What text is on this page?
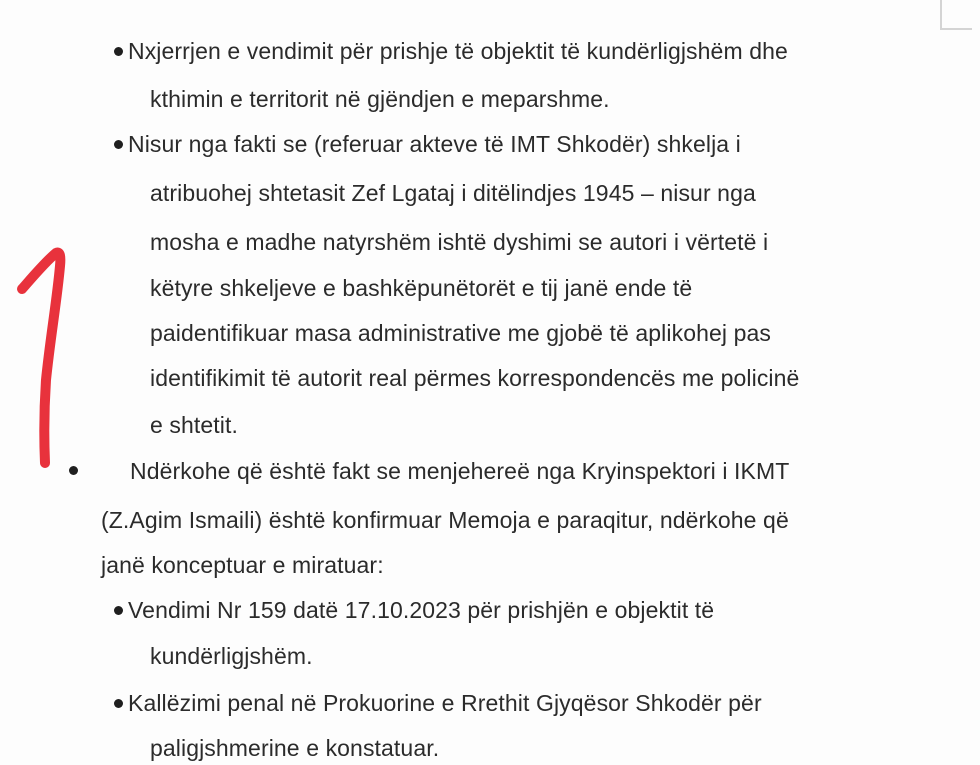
Nxjerrjen e vendimit për prishje të objektit të kundërligjshëm dhe
kthimin e territorit në gjëndjen e meparshme.
Nisur nga fakti se (referuar akteve të IMT Shkodër) shkelja i
atribuohej shtetasit Zef Lgataj i ditëlindjes 1945 – nisur nga
mosha e madhe natyrshëm ishtë dyshimi se autori i vërtetë i
këtyre shkeljeve e bashkëpunëtorët e tij janë ende të
paidentifikuar masa administrative me gjobë të aplikohej pas
identifikimit të autorit real përmes korrespondencës me policinë
e shtetit.
Ndërkohe që është fakt se menjehereë nga Kryinspektori i IKMT
(Z.Agim Ismaili) është konfirmuar Memoja e paraqitur, ndërkohe që
janë konceptuar e miratuar:
Vendimi Nr 159 datë 17.10.2023 për prishjën e objektit të
kundërligjshëm.
Kallëzimi penal në Prokuorine e Rrethit Gjyqësor Shkodër për
paligjshmerine e konstatuar.
